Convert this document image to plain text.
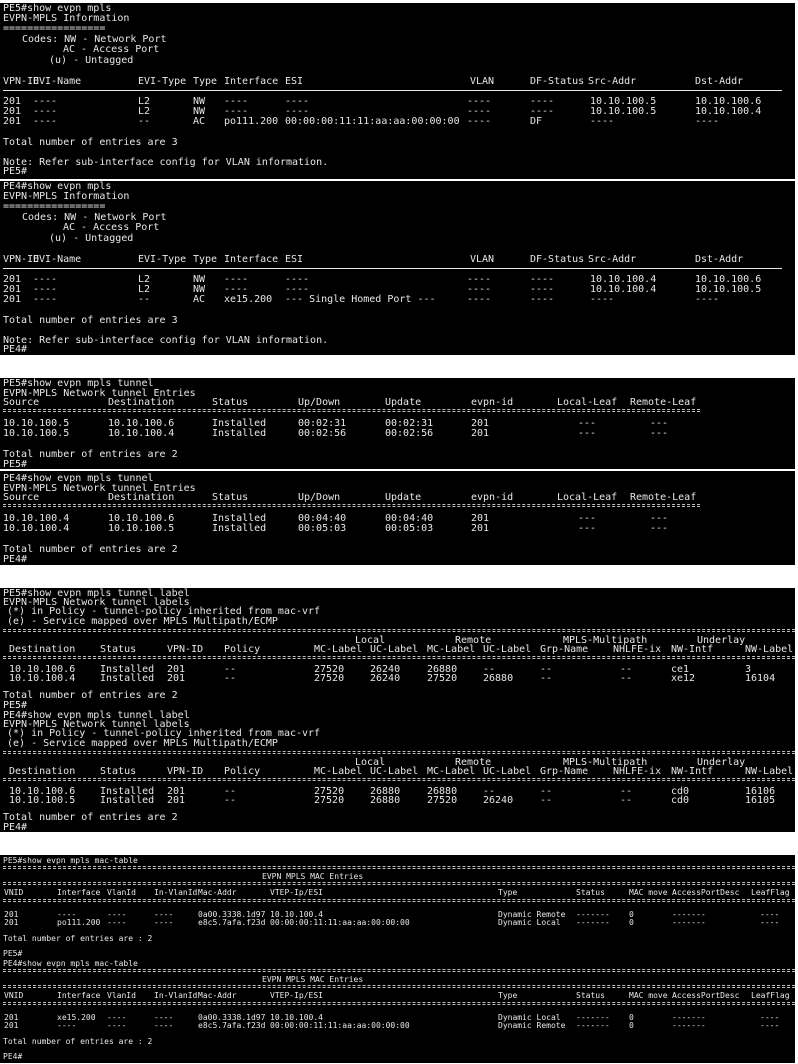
PE5#show evpn mpls
EVPN-MPLS Information
=================
Codes: NW - Network Port
AC - Access Port
(u) - Untagged
VPN-ID
EVI-Name	EVI-Type Type Interface ESI	VLAN	DF-Status Src-Addr	Dst-Addr
201 ----	L2	NW ----	----	----	----	10.10.100.5	10.10.100.6
201 ----	L2	NW ----	----	----	----	10.10.100.5	10.10.100.4
201 ----	--	AC po111.200 00:00:00:11:11:aa:aa:00:00:00 ----	DF	----	----
Total number of entries are 3
Note: Refer sub-interface config for VLAN information.
PE5#
PE4#show evpn mpls
EVPN-MPLS Information
=================
Codes: NW - Network Port
AC - Access Port
(u) - Untagged
VPN-ID
EVI-Name	EVI-Type Type Interface ESI	VLAN	DF-Status Src-Addr	Dst-Addr
201 ----	L2	NW ----	----	----	----	10.10.100.4	10.10.100.6
201 ----	L2	NW ----	----	----	----	10.10.100.4	10.10.100.5
201 ----	--	AC xe15.200 --- Single Homed Port ---	----	----	----	----
Total number of entries are 3
Note: Refer sub-interface config for VLAN information.
PE4#
PE5#show evpn mpls tunnel
EVPN-MPLS Network tunnel Entries
Source	Destination	Status	Up/Down	Update	evpn-id	Local-Leaf Remote-Leaf
10.10.100.5	10.10.100.6	Installed	00:02:31	00:02:31	201	---	---
10.10.100.5	10.10.100.4	Installed	00:02:56	00:02:56	201	---	---
Total number of entries are 2
PE5#
PE4#show evpn mpls tunnel
EVPN-MPLS Network tunnel Entries
Source	Destination	Status	Up/Down	Update	evpn-id	Local-Leaf Remote-Leaf
10.10.100.4	10.10.100.6	Installed	00:04:40	00:04:40	201	---	---
10.10.100.4	10.10.100.5	Installed	00:05:03	00:05:03	201	---	---
Total number of entries are 2
PE4#
PE5#show evpn mpls tunnel label
EVPN-MPLS Network tunnel labels
(*) in Policy - tunnel-policy inherited from mac-vrf
(e) - Service mapped over MPLS Multipath/ECMP
Local	Remote	MPLS-Multipath	Underlay
Destination Status	VPN-ID Policy	MC-Label UC-Label MC-Label UC-Label Grp-Name NHLFE-ix NW-Intf	NW-Label
10.10.100.6 Installed 201	--	27520	26240	26880	--	--	--	ce1	3
10.10.100.4 Installed 201	--	27520	26240	27520	26880	--	--	xe12	16104
Total number of entries are 2
PE5#
PE4#show evpn mpls tunnel label
EVPN-MPLS Network tunnel labels
(*) in Policy - tunnel-policy inherited from mac-vrf
(e) - Service mapped over MPLS Multipath/ECMP
Local	Remote	MPLS-Multipath	Underlay
Destination Status	VPN-ID Policy	MC-Label UC-Label MC-Label UC-Label Grp-Name NHLFE-ix NW-Intf	NW-Label
10.10.100.6 Installed 201	--	27520	26880	26880	--	--	--	cd0	16106
10.10.100.5 Installed 201	--	27520	26880	27520	26240	--	--	cd0	16105
Total number of entries are 2
PE4#
PE5#show evpn mpls mac-table
EVPN MPLS MAC Entries
VNID	Interface VlanId In-VlanId Mac-Addr	VTEP-Ip/ESI	Type	Status	MAC move AccessPortDesc LeafFlag
201	----	----	----	0a00.3338.1d97 10.10.100.4	Dynamic Remote ------- 0	-------	----
201	po111.200 ----	----	e8c5.7afa.f23d 00:00:00:11:11:aa:aa:00:00:00	Dynamic Local ------- 0	-------	----
Total number of entries are : 2
PE5#
PE4#show evpn mpls mac-table
EVPN MPLS MAC Entries
VNID	Interface VlanId In-VlanId Mac-Addr	VTEP-Ip/ESI	Type	Status	MAC move AccessPortDesc LeafFlag
201	xe15.200 ----	----	0a00.3338.1d97 10.10.100.4	Dynamic Local ------- 0	-------	----
201	----	----	----	e8c5.7afa.f23d 00:00:00:11:11:aa:aa:00:00:00	Dynamic Remote ------- 0	-------	----
Total number of entries are : 2
PE4#
